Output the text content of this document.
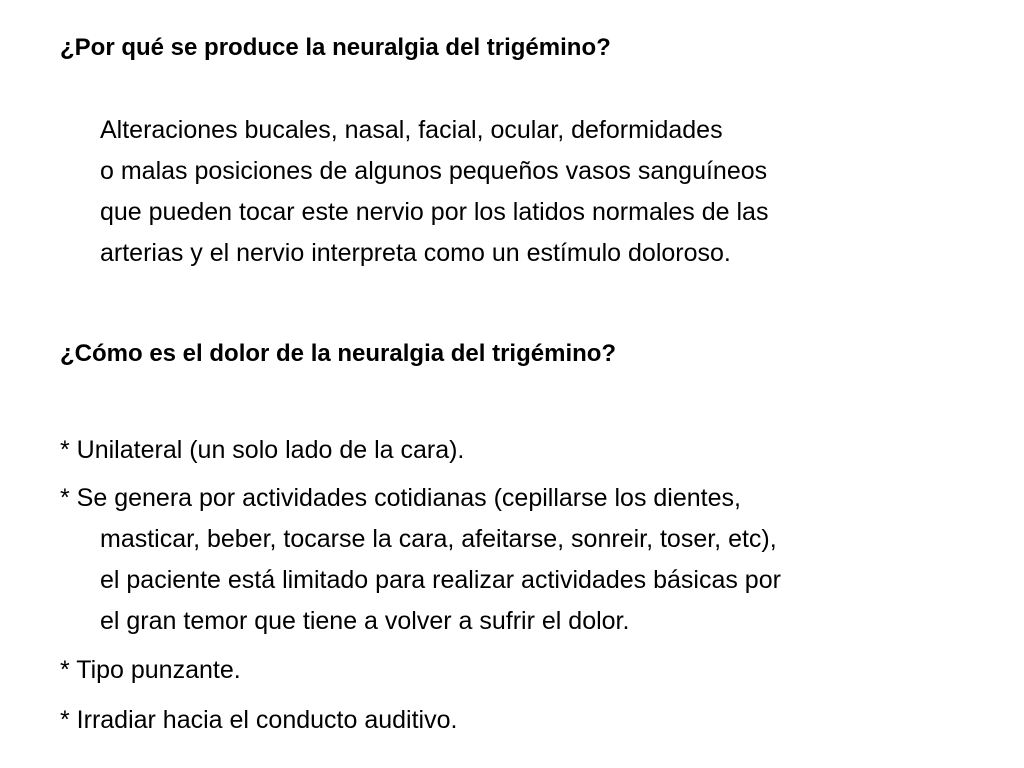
¿Por qué se produce la neuralgia del trigémino?
Alteraciones bucales, nasal, facial, ocular, deformidades
o malas posiciones de algunos pequeños vasos sanguíneos
que pueden tocar este nervio por los latidos normales de las
arterias y el nervio interpreta como un estímulo doloroso.
¿Cómo es el dolor de la neuralgia del trigémino?
* Unilateral (un solo lado de la cara).
* Se genera por actividades cotidianas (cepillarse los dientes,
masticar, beber, tocarse la cara, afeitarse, sonreir, toser, etc),
el paciente está limitado para realizar actividades básicas por
el gran temor que tiene a volver a sufrir el dolor.
* Tipo punzante.
* Irradiar hacia el conducto auditivo.
